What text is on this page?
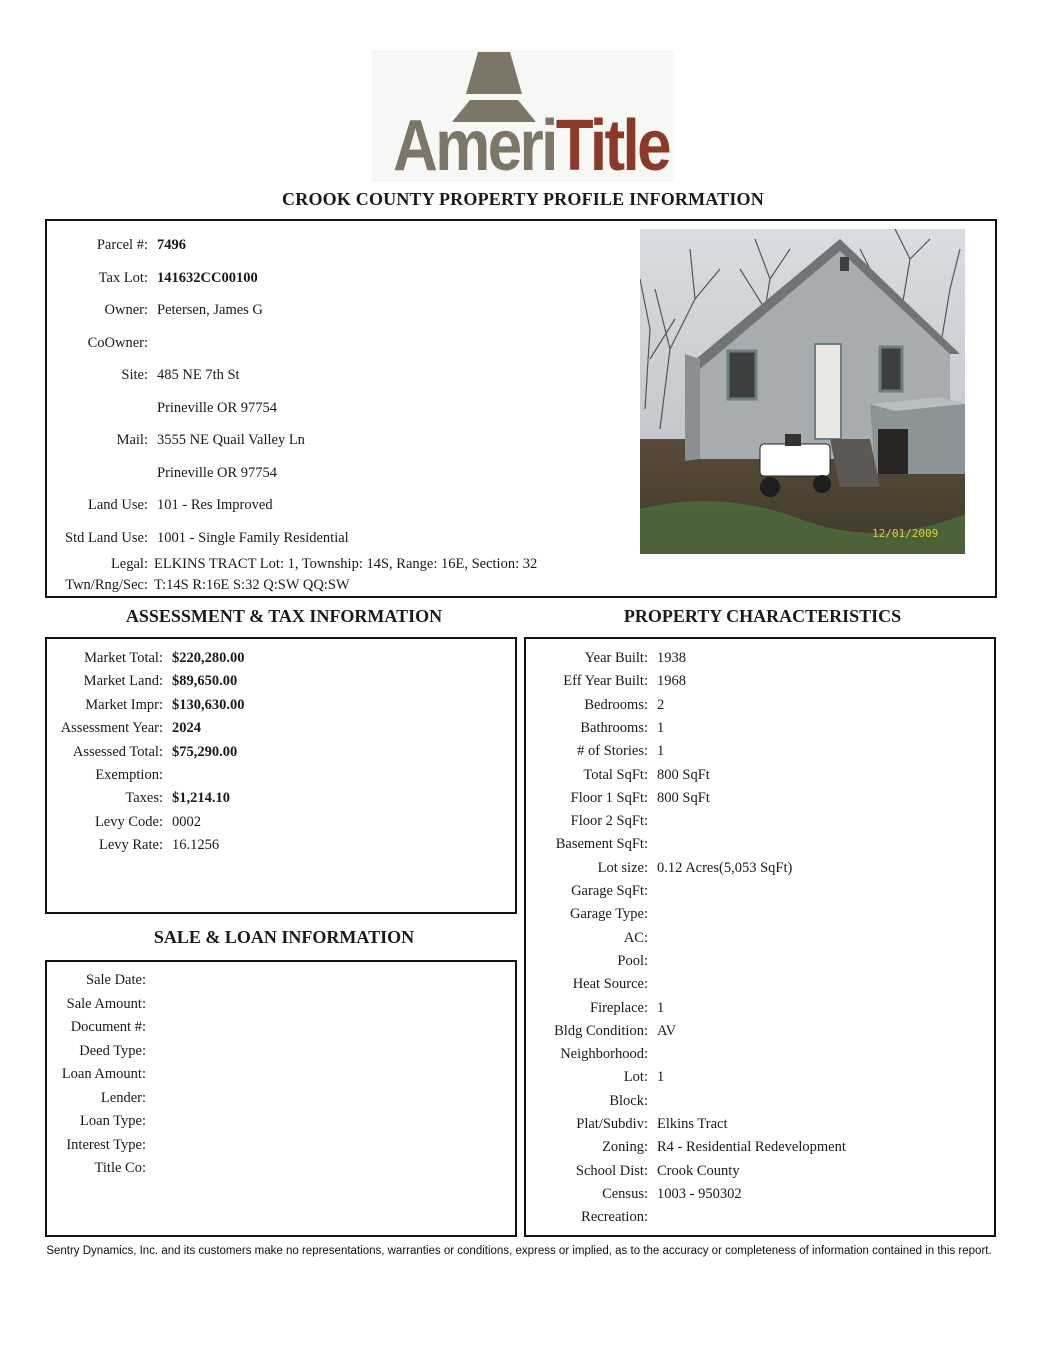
AmeriTitle
CROOK COUNTY PROPERTY PROFILE INFORMATION
Parcel #: 7496
Tax Lot: 141632CC00100
Owner: Petersen, James G
CoOwner:
Site: 485 NE 7th St
Prineville OR 97754
Mail: 3555 NE Quail Valley Ln
Prineville OR 97754
Land Use: 101 - Res Improved
Std Land Use: 1001 - Single Family Residential
Legal: ELKINS TRACT Lot: 1, Township: 14S, Range: 16E, Section: 32
Twn/Rng/Sec: T:14S R:16E S:32 Q:SW QQ:SW
12/01/2009
ASSESSMENT & TAX INFORMATION	PROPERTY CHARACTERISTICS
Market Total: $220,280.00
Market Land: $89,650.00
Market Impr: $130,630.00
Assessment Year: 2024
Assessed Total: $75,290.00
Exemption:
Taxes: $1,214.10
Levy Code: 0002
Levy Rate: 16.1256
SALE & LOAN INFORMATION
Sale Date:
Sale Amount:
Document #:
Deed Type:
Loan Amount:
Lender:
Loan Type:
Interest Type:
Title Co:
Year Built: 1938
Eff Year Built: 1968
Bedrooms: 2
Bathrooms: 1
# of Stories: 1
Total SqFt: 800 SqFt
Floor 1 SqFt: 800 SqFt
Floor 2 SqFt:
Basement SqFt:
Lot size: 0.12 Acres(5,053 SqFt)
Garage SqFt:
Garage Type:
AC:
Pool:
Heat Source:
Fireplace: 1
Bldg Condition: AV
Neighborhood:
Lot: 1
Block:
Plat/Subdiv: Elkins Tract
Zoning: R4 - Residential Redevelopment
School Dist: Crook County
Census: 1003 - 950302
Recreation:
Sentry Dynamics, Inc. and its customers make no representations, warranties or conditions, express or implied, as to the accuracy or completeness of information contained in this report.
